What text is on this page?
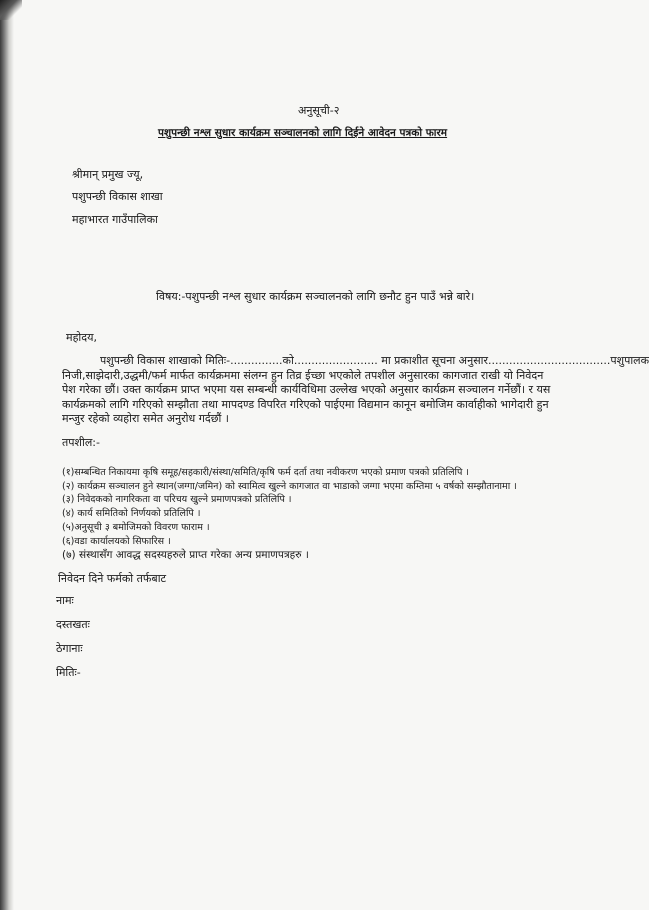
अनुसूची-२
पशुपन्छी नश्ल सुधार कार्यक्रम सञ्चालनको लागि दिईने आवेदन पत्रको फारम
श्रीमान् प्रमुख ज्यू,
पशुपन्छी विकास शाखा
महाभारत गाउँपालिका
विषय:-पशुपन्छी नश्ल सुधार कार्यक्रम सञ्चालनको लागि छनौट हुन पाउँ भन्ने बारे।
महोदय,
पशुपन्छी विकास शाखाको मितिः-...............को........................ मा प्रकाशीत सूचना अनुसार...................................पशुपालक
निजी,साझेदारी,उद्धमी/फर्म मार्फत कार्यक्रममा संलग्न हुन तिव्र ईच्छा भएकोले तपशील अनुसारका कागजात राखी यो निवेदन
पेश गरेका छौं। उक्त कार्यक्रम प्राप्त भएमा यस सम्बन्धी कार्यविधिमा उल्लेख भएको अनुसार कार्यक्रम सञ्चालन गर्नेछौं। र यस
कार्यक्रमको लागि गरिएको सम्झौता तथा मापदण्ड विपरित गरिएको पाईएमा विद्यमान कानून बमोजिम कार्वाहीको भागेदारी हुन
मन्जुर रहेको व्यहोरा समेत अनुरोध गर्दछौं ।
तपशील:-
(१)सम्बन्धित निकायमा कृषि समूह/सहकारी/संस्था/समिति/कृषि फर्म दर्ता तथा नवीकरण भएको प्रमाण पत्रको प्रतिलिपि ।
(२) कार्यक्रम सञ्चालन हुने स्थान(जग्गा/जमिन) को स्वामित्व खुल्ने कागजात वा भाडाको जग्गा भएमा कम्तिमा ५ वर्षको सम्झौतानामा ।
(३) निवेदकको नागरिकता वा परिचय खुल्ने प्रमाणपत्रको प्रतिलिपि ।
(४) कार्य समितिको निर्णयको प्रतिलिपि ।
(५)अनुसूची ३ बमोजिमको विवरण फाराम ।
(६)वडा कार्यालयको सिफारिस ।
(७) संस्थासँग आवद्ध सदस्यहरुले प्राप्त गरेका अन्य प्रमाणपत्रहरु ।
निवेदन दिने फर्मको तर्फबाट
नामः
दस्तखतः
ठेगानाः
मितिः-
